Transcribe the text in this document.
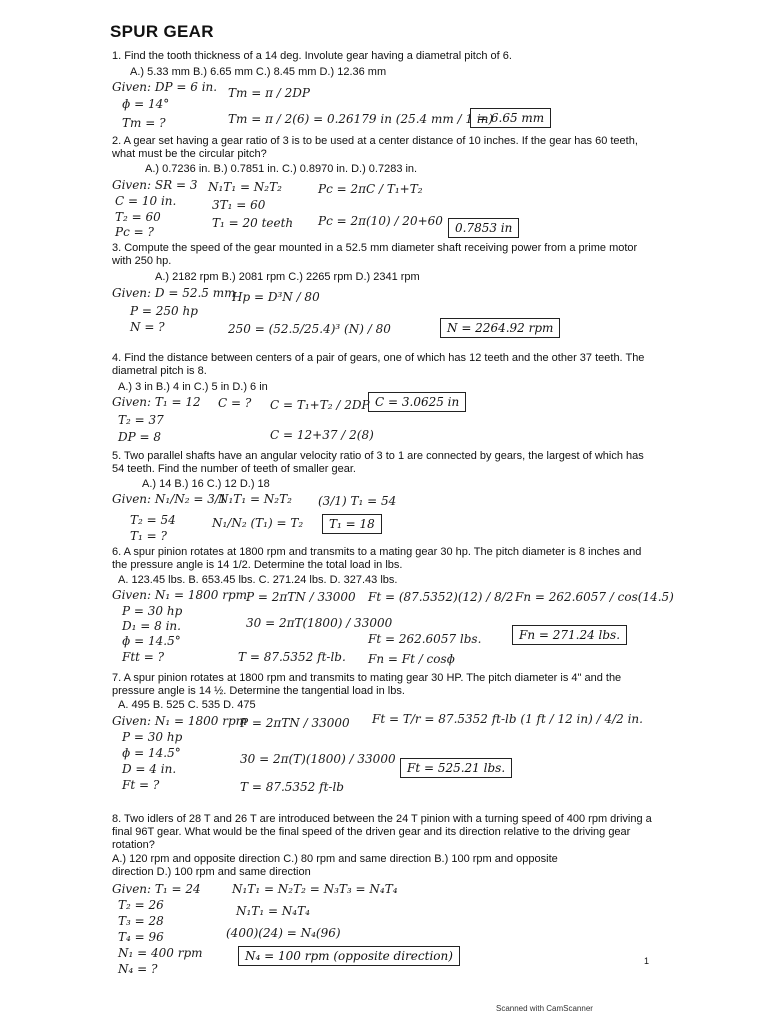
SPUR GEAR
1. Find the tooth thickness of a 14 deg. Involute gear having a diametral pitch of 6.
A.) 5.33 mm B.) 6.65 mm C.) 8.45 mm D.) 12.36 mm
Given: DP = 6 in.
ɸ = 14°
Tт = ?
Tт = π / 2DP
Tт = π / 2(6) = 0.26179 in (25.4 mm / 1 in)
= 6.65 mm
2. A gear set having a gear ratio of 3 is to be used at a center distance of 10 inches. If the gear has 60 teeth, what must be the circular pitch?
A.) 0.7236 in. B.) 0.7851 in. C.) 0.8970 in. D.) 0.7283 in.
Given: SR = 3
C = 10 in.
T₂ = 60
Pc = ?
N₁T₁ = N₂T₂
3T₁ = 60
T₁ = 20 teeth
Pc = 2πC / T₁+T₂
Pc = 2π(10) / 20+60	0.7853 in
3. Compute the speed of the gear mounted in a 52.5 mm diameter shaft receiving power from a prime motor with 250 hp.
A.) 2182 rpm B.) 2081 rpm C.) 2265 rpm D.) 2341 rpm
Given: D = 52.5 mm
P = 250 hp
N = ?
Hp = D³N / 80
250 = (52.5/25.4)³ (N) / 80	N = 2264.92 rpm
4. Find the distance between centers of a pair of gears, one of which has 12 teeth and the other 37 teeth. The diametral pitch is 8.
A.) 3 in B.) 4 in C.) 5 in D.) 6 in
Given: T₁ = 12
T₂ = 37
DP = 8
C = ? C = T₁+T₂ / 2DP
C = 12+37 / 2(8)
C = 3.0625 in
5. Two parallel shafts have an angular velocity ratio of 3 to 1 are connected by gears, the largest of which has 54 teeth. Find the number of teeth of smaller gear.
A.) 14 B.) 16 C.) 12 D.) 18
Given: N₁/N₂ = 3/1
T₂ = 54
T₁ = ?
N₁T₁ = N₂T₂
N₁/N₂ (T₁) = T₂
(3/1) T₁ = 54
T₁ = 18
6. A spur pinion rotates at 1800 rpm and transmits to a mating gear 30 hp. The pitch diameter is 8 inches and the pressure angle is 14 1/2. Determine the total load in lbs.
A. 123.45 lbs. B. 653.45 lbs. C. 271.24 lbs. D. 327.43 lbs.
Given: N₁ = 1800 rpm
P = 30 hp
D₁ = 8 in.
ɸ = 14.5°
Ftt = ?
P = 2πTN / 33000
30 = 2πT(1800) / 33000
T = 87.5352 ft-lb.
Ft = (87.5352)(12) / 8/2
Ft = 262.6057 lbs.
Fn = Ft / cosɸ
Fn = 262.6057 / cos(14.5)
Fn = 271.24 lbs.
7. A spur pinion rotates at 1800 rpm and transmits to mating gear 30 HP. The pitch diameter is 4" and the pressure angle is 14 ½. Determine the tangential load in lbs.
A. 495 B. 525 C. 535 D. 475
Given: N₁ = 1800 rpm
P = 30 hp
ɸ = 14.5°
D = 4 in.
Ft = ?
P = 2πTN / 33000
30 = 2π(T)(1800) / 33000
T = 87.5352 ft-lb
Ft = T/r = 87.5352 ft-lb (1 ft / 12 in) / 4/2 in.
Ft = 525.21 lbs.
8. Two idlers of 28 T and 26 T are introduced between the 24 T pinion with a turning speed of 400 rpm driving a final 96T gear. What would be the final speed of the driven gear and its direction relative to the driving gear rotation?
A.) 120 rpm and opposite direction C.) 80 rpm and same direction B.) 100 rpm and opposite direction D.) 100 rpm and same direction
Given: T₁ = 24
T₂ = 26
T₃ = 28
T₄ = 96
N₁ = 400 rpm
N₄ = ?
N₁T₁ = N₂T₂ = N₃T₃ = N₄T₄
N₁T₁ = N₄T₄
(400)(24) = N₄(96)
N₄ = 100 rpm (opposite direction)	1
Scanned with CamScanner
